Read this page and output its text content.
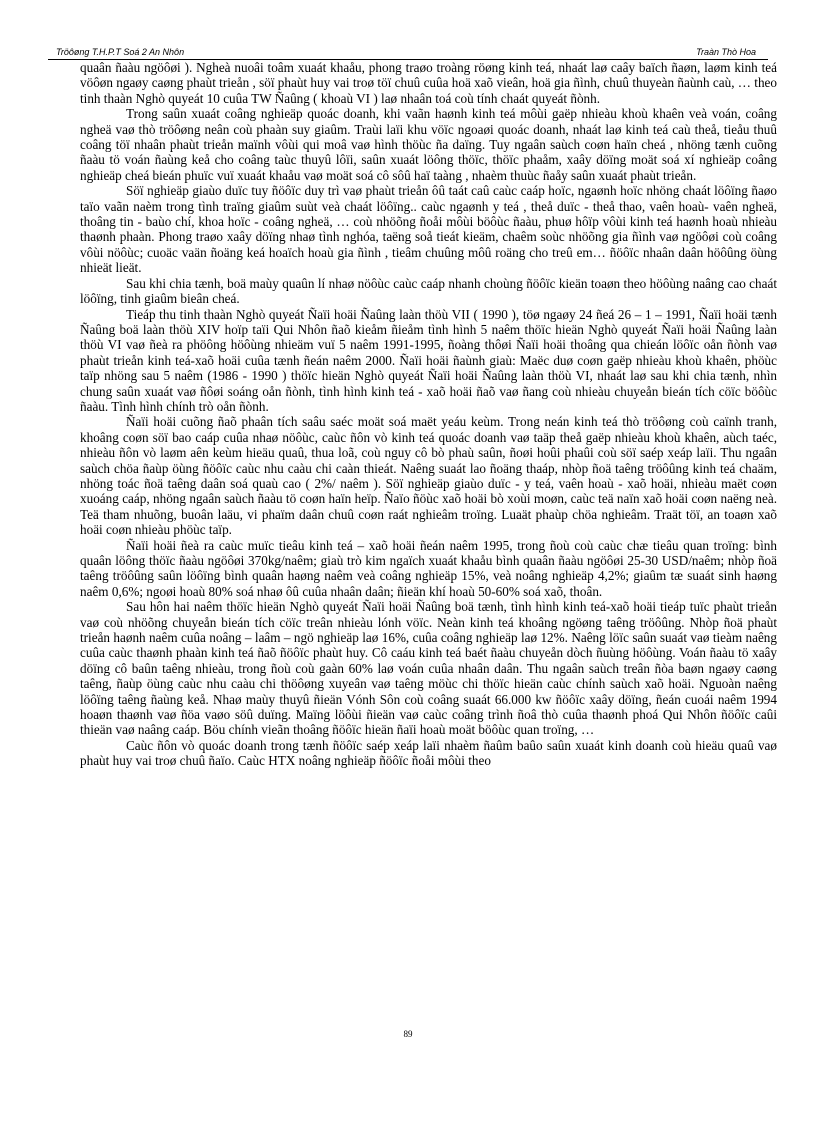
Tröôøng T.H.P.T Soá 2 An Nhôn	Traàn Thò Hoa

quaân ñaàu ngöôøi ). Ngheà nuoâi toâm xuaát khaåu, phong traøo troàng röøng kinh teá, nhaát laø caây baïch ñaøn, laøm kinh teá vöôøn ngaøy caøng phaùt trieån , söï phaùt huy vai troø töï chuû cuûa hoä xaõ vieân, hoä gia ñình, chuû thuyeàn ñaùnh caù, … theo tinh thaàn Nghò quyeát 10 cuûa TW Ñaûng ( khoaù VI ) laø nhaân toá coù tính chaát quyeát ñònh.

Trong saûn xuaát coâng nghieäp quoác doanh, khi vaãn haønh kinh teá môùi gaëp nhieàu khoù khaên veà voán, coâng ngheä vaø thò tröôøng neân coù phaàn suy giaûm. Traùi laïi khu vöïc ngoaøi quoác doanh, nhaát laø kinh teá caù theå, tieåu thuû coâng töï nhaân phaùt trieån maïnh vôùi qui moâ vaø hình thöùc ña daïng. Tuy ngaân saùch coøn haïn cheá , nhöng tænh cuõng ñaàu tö voán ñaùng keå cho coâng taùc thuyû lôïi, saûn xuaát löông thöïc, thöïc phaåm, xaây döïng moät soá xí nghieäp coâng nghieäp cheá bieán phuïc vuï xuaát khaåu vaø moät soá cô sôû haï taàng , nhaèm thuùc ñaåy saûn xuaát phaùt trieån.

Söï nghieäp giaùo duïc tuy ñöôïc duy trì vaø phaùt trieån ôû taát caû caùc caáp hoïc, ngaønh hoïc nhöng chaát löôïng ñaøo taïo vaãn naèm trong tình traïng giaûm suùt veà chaát löôïng.. caùc ngaønh y teá , theå duïc - theå thao, vaên hoaù- vaên ngheä, thoâng tin - baùo chí, khoa hoïc - coâng ngheä, … coù nhöõng ñoåi môùi böôùc ñaàu, phuø hôïp vôùi kinh teá haønh hoaù nhieàu thaønh phaàn. Phong traøo xaây döïng nhaø tình nghóa, taëng soå tieát kieäm, chaêm soùc nhöõng gia ñình vaø ngöôøi coù coâng vôùi nöôùc; cuoäc vaän ñoäng keá hoaïch hoaù gia ñình , tieâm chuûng môû roäng cho treû em… ñöôïc nhaân daân höôûng öùng nhieät lieät.

Sau khi chia tænh, boä maùy quaûn lí nhaø nöôùc caùc caáp nhanh choùng ñöôïc kieän toaøn theo höôùng naâng cao chaát löôïng, tinh giaûm bieân cheá.

Tieáp thu tinh thaàn Nghò quyeát Ñaïi hoäi Ñaûng laàn thöù VII ( 1990 ), töø ngaøy 24 ñeá 26 – 1 – 1991, Ñaïi hoäi tænh Ñaûng boä laàn thöù XIV hoïp taïi Qui Nhôn ñaõ kieåm ñieåm tình hình 5 naêm thöïc hieän Nghò quyeát Ñaïi hoäi Ñaûng laàn thöù VI vaø ñeà ra phöông höôùng nhieäm vuï 5 naêm 1991-1995, ñoàng thôøi Ñaïi hoäi thoâng qua chieán löôïc oån ñònh vaø phaùt trieån kinh teá-xaõ hoäi cuûa tænh ñeán naêm 2000. Ñaïi hoäi ñaùnh giaù: Maëc duø coøn gaëp nhieàu khoù khaên, phöùc taïp nhöng sau 5 naêm (1986 - 1990 ) thöïc hieän Nghò quyeát Ñaïi hoäi Ñaûng laàn thöù VI, nhaát laø sau khi chia tænh, nhìn chung saûn xuaát vaø ñôøi soáng oån ñònh, tình hình kinh teá - xaõ hoäi ñaõ vaø ñang coù nhieàu chuyeån bieán tích cöïc böôùc ñaàu. Tình hình chính trò oån ñònh.

Ñaïi hoäi cuõng ñaõ phaân tích saâu saéc moät soá maët yeáu keùm. Trong neán kinh teá thò tröôøng coù caïnh tranh, khoâng coøn söï bao caáp cuûa nhaø nöôùc, caùc ñôn vò kinh teá quoác doanh vaø taäp theå gaëp nhieàu khoù khaên, aùch taéc, nhieàu ñôn vò laøm aên keùm hieäu quaû, thua loã, coù nguy cô bò phaù saûn, ñoøi hoûi phaûi coù söï saép xeáp laïi. Thu ngaân saùch chöa ñaùp öùng ñöôïc caùc nhu caàu chi caàn thieát. Naêng suaát lao ñoäng thaáp, nhòp ñoä taêng tröôûng kinh teá chaäm, nhöng toác ñoä taêng daân soá quaù cao ( 2%/ naêm ). Söï nghieäp giaùo duïc - y teá, vaên hoaù - xaõ hoäi, nhieàu maët coøn xuoáng caáp, nhöng ngaân saùch ñaàu tö coøn haïn heïp. Ñaïo ñöùc xaõ hoäi bò xoùi moøn, caùc teä naïn xaõ hoäi coøn naëng neà. Teä tham nhuõng, buoân laäu, vi phaïm daân chuû coøn raát nghieâm troïng. Luaät phaùp chöa nghieâm. Traät töï, an toaøn xaõ hoäi coøn nhieàu phöùc taïp.

Ñaïi hoäi ñeà ra caùc muïc tieâu kinh teá – xaõ hoäi ñeán naêm 1995, trong ñoù coù caùc chæ tieâu quan troïng: bình quaân löông thöïc ñaàu ngöôøi 370kg/naêm; giaù trò kim ngaïch xuaát khaåu bình quaân ñaàu ngöôøi 25-30 USD/naêm; nhòp ñoä taêng tröôûng saûn löôïng bình quaân haøng naêm veà coâng nghieäp 15%, veà noâng nghieäp 4,2%; giaûm tæ suaát sinh haøng naêm 0,6%; ngoøi hoaù 80% soá nhaø ôû cuûa nhaân daân; ñieän khí hoaù 50-60% soá xaõ, thoân.

Sau hôn hai naêm thöïc hieän Nghò quyeát Ñaïi hoäi Ñaûng boä tænh, tình hình kinh teá-xaõ hoäi tieáp tuïc phaùt trieån vaø coù nhöõng chuyeån bieán tích cöïc treân nhieàu lónh vöïc. Neàn kinh teá khoâng ngöøng taêng tröôûng. Nhòp ñoä phaùt trieån haønh naêm cuûa noâng – laâm – ngö nghieäp laø 16%, cuûa coâng nghieäp laø 12%. Naêng löïc saûn suaát vaø tieàm naêng cuûa caùc thaønh phaàn kinh teá ñaõ ñöôïc phaùt huy. Cô caáu kinh teá baét ñaàu chuyeån dòch ñuùng höôùng. Voán ñaàu tö xaây döïng cô baûn taêng nhieàu, trong ñoù coù gaàn 60% laø voán cuûa nhaân daân. Thu ngaân saùch treân ñòa baøn ngaøy caøng taêng, ñaùp öùng caùc nhu caàu chi thöôøng xuyeân vaø taêng möùc chi thöïc hieän caùc chính saùch xaõ hoäi. Nguoàn naêng löôïng taêng ñaùng keå. Nhaø maùy thuyû ñieän Vónh Sôn coù coâng suaát 66.000 kw ñöôïc xaây döïng, ñeán cuoái naêm 1994 hoaøn thaønh vaø ñöa vaøo söû duïng. Maïng löôùi ñieän vaø caùc coâng trình ñoâ thò cuûa thaønh phoá Qui Nhôn ñöôïc caûi thieän vaø naâng caáp. Böu chính vieãn thoâng ñöôïc hieän ñaïi hoaù moät böôùc quan troïng, …

Caùc ñôn vò quoác doanh trong tænh ñöôïc saép xeáp laïi nhaèm ñaûm baûo saûn xuaát kinh doanh coù hieäu quaû vaø phaùt huy vai troø chuû ñaïo. Caùc HTX noâng nghieäp ñöôïc ñoåi môùi theo

89
